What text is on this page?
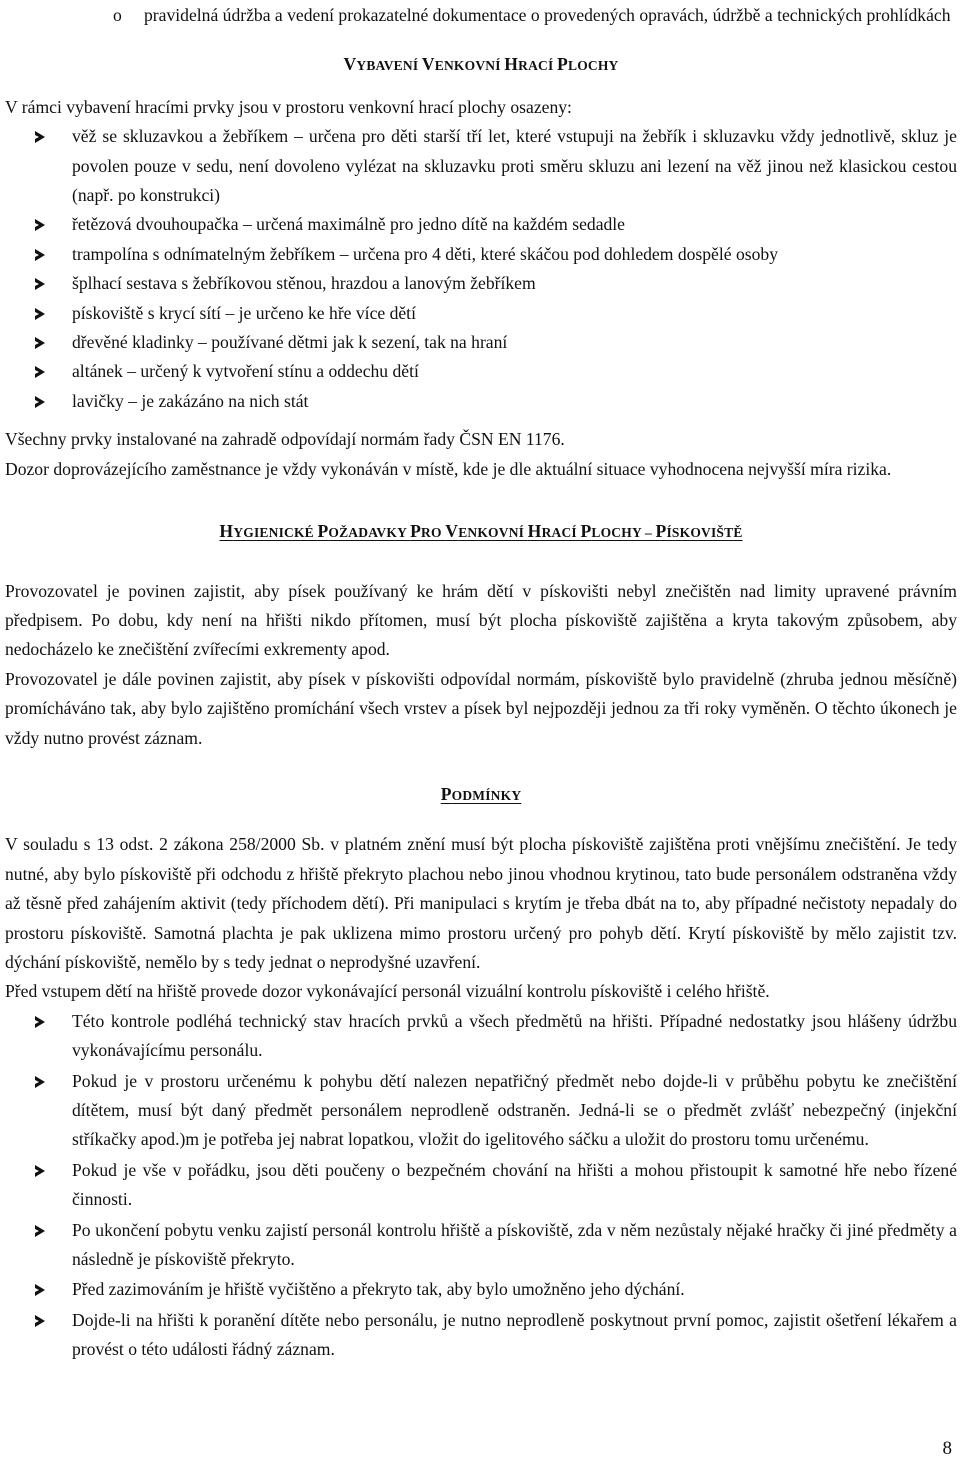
o pravidelná údržba a vedení prokazatelné dokumentace o provedených opravách, údržbě a technických prohlídkách
VYBAVENÍ VENKOVNÍ HRACÍ PLOCHY

V rámci vybavení hracími prvky jsou v prostoru venkovní hrací plochy osazeny:

věž se skluzavkou a žebříkem – určena pro děti starší tří let, které vstupuji na žebřík i skluzavku vždy jednotlivě, skluz je povolen pouze v sedu, není dovoleno vylézat na skluzavku proti směru skluzu ani lezení na věž jinou než klasickou cestou (např. po konstrukci)
řetězová dvouhoupačka – určená maximálně pro jedno dítě na každém sedadle
trampolína s odnímatelným žebříkem – určena pro 4 děti, které skáčou pod dohledem dospělé osoby
šplhací sestava s žebříkovou stěnou, hrazdou a lanovým žebříkem
pískoviště s krycí sítí – je určeno ke hře více dětí
dřevěné kladinky – používané dětmi jak k sezení, tak na hraní
altánek – určený k vytvoření stínu a oddechu dětí
lavičky – je zakázáno na nich stát

Všechny prvky instalované na zahradě odpovídají normám řady ČSN EN 1176.

Dozor doprovázejícího zaměstnance je vždy vykonáván v místě, kde je dle aktuální situace vyhodnocena nejvyšší míra rizika.

HYGIENICKÉ POŽADAVKY PRO VENKOVNÍ HRACÍ PLOCHY – PÍSKOVIŠTĚ

Provozovatel je povinen zajistit, aby písek používaný ke hrám dětí v pískovišti nebyl znečištěn nad limity upravené právním předpisem. Po dobu, kdy není na hřišti nikdo přítomen, musí být plocha pískoviště zajištěna a kryta takovým způsobem, aby nedocházelo ke znečištění zvířecími exkrementy apod.

Provozovatel je dále povinen zajistit, aby písek v pískovišti odpovídal normám, pískoviště bylo pravidelně (zhruba jednou měsíčně) promícháváno tak, aby bylo zajištěno promíchání všech vrstev a písek byl nejpozději jednou za tři roky vyměněn. O těchto úkonech je vždy nutno provést záznam.

PODMÍNKY

V souladu s 13 odst. 2 zákona 258/2000 Sb. v platném znění musí být plocha pískoviště zajištěna proti vnějšímu znečištění. Je tedy nutné, aby bylo pískoviště při odchodu z hřiště překryto plachou nebo jinou vhodnou krytinou, tato bude personálem odstraněna vždy až těsně před zahájením aktivit (tedy příchodem dětí). Při manipulaci s krytím je třeba dbát na to, aby případné nečistoty nepadaly do prostoru pískoviště. Samotná plachta je pak uklizena mimo prostoru určený pro pohyb dětí. Krytí pískoviště by mělo zajistit tzv. dýchání pískoviště, nemělo by s tedy jednat o neprodyšné uzavření.

Před vstupem dětí na hřiště provede dozor vykonávající personál vizuální kontrolu pískoviště i celého hřiště.

Této kontrole podléhá technický stav hracích prvků a všech předmětů na hřišti. Případné nedostatky jsou hlášeny údržbu vykonávajícímu personálu.
Pokud je v prostoru určenému k pohybu dětí nalezen nepatřičný předmět nebo dojde-li v průběhu pobytu ke znečištění dítětem, musí být daný předmět personálem neprodleně odstraněn. Jedná-li se o předmět zvlášť nebezpečný (injekční stříkačky apod.)m je potřeba jej nabrat lopatkou, vložit do igelitového sáčku a uložit do prostoru tomu určenému.
Pokud je vše v pořádku, jsou děti poučeny o bezpečném chování na hřišti a mohou přistoupit k samotné hře nebo řízené činnosti.
Po ukončení pobytu venku zajistí personál kontrolu hřiště a pískoviště, zda v něm nezůstaly nějaké hračky či jiné předměty a následně je pískoviště překryto.
Před zazimováním je hřiště vyčištěno a překryto tak, aby bylo umožněno jeho dýchání.
Dojde-li na hřišti k poranění dítěte nebo personálu, je nutno neprodleně poskytnout první pomoc, zajistit ošetření lékařem a provést o této události řádný záznam.
8
